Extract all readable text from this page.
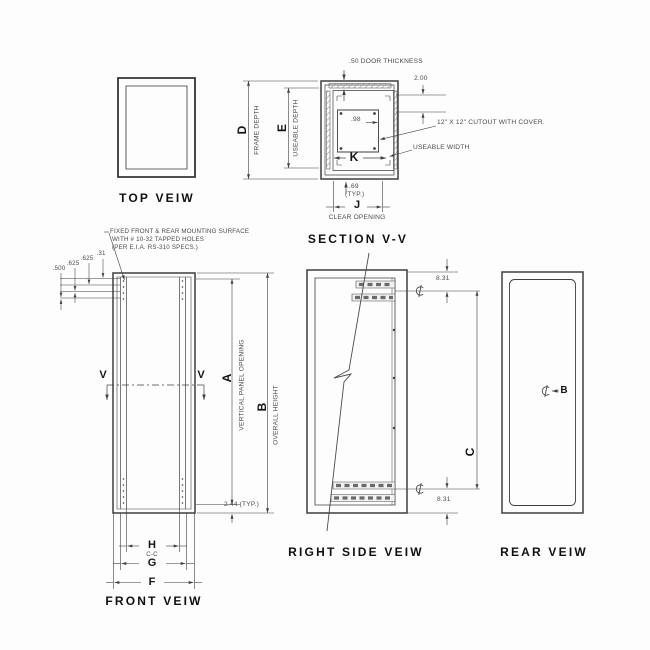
TOP VEIW
SECTION V-V
FRONT VEIW
RIGHT SIDE VEIW	REAR VEIW
.50 DOOR THICKNESS
2.00
.98	12" X 12" CUTOUT WITH COVER.
USEABLE WIDTH
K
.69
(TYP.)
J
CLEAR OPENING
D FRAME DEPTH E USEABLE DEPTH
FIXED FRONT & REAR MOUNTING SURFACE
WITH # 10-32 TAPPED HOLES
(PER E.I.A. RS-310 SPECS.)
.500
.625
.625
.31
V	V A VERTICAL PANEL OPENING B OVERALL HEIGHT
2.44 (TYP.)
H
C-C
G
F
8.31
8.31
C
B
